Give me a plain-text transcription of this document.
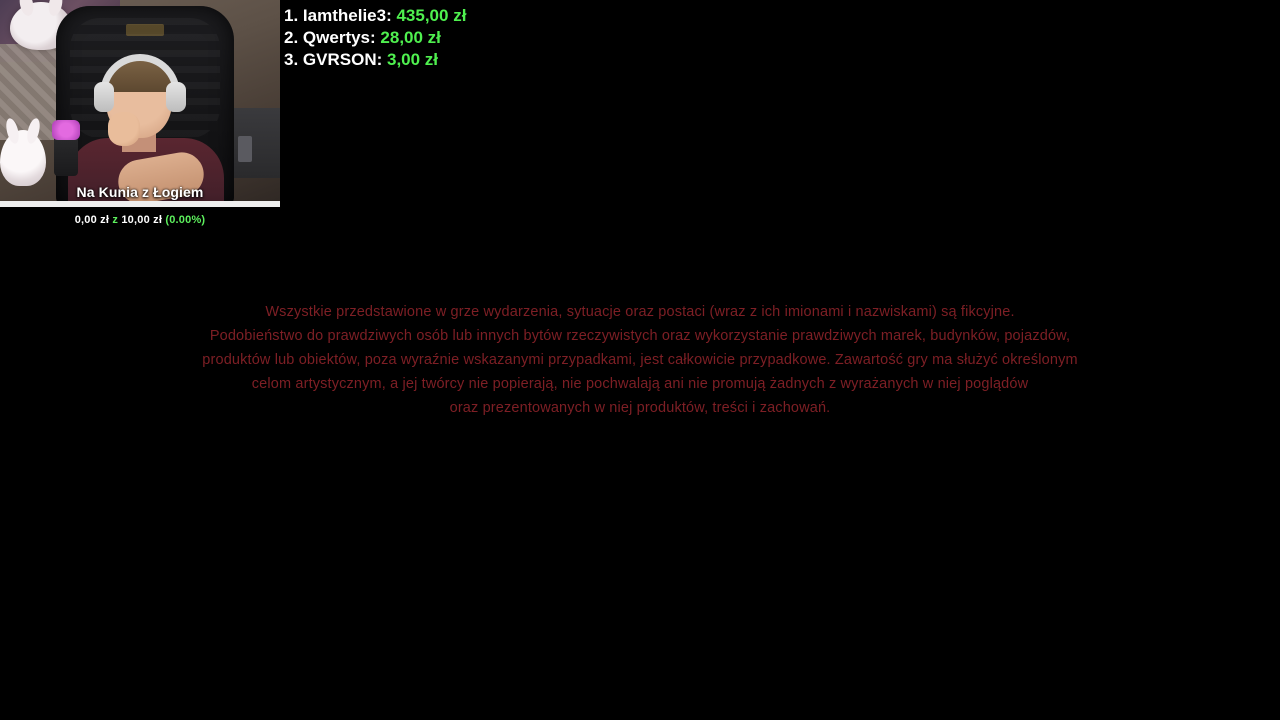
Na Kunia z Łogiem
0,00 zł z 10,00 zł (0.00%)
1. Iamthelie3: 435,00 zł
2. Qwertys: 28,00 zł
3. GVRSON: 3,00 zł
Wszystkie przedstawione w grze wydarzenia, sytuacje oraz postaci (wraz z ich imionami i nazwiskami) są fikcyjne.
Podobieństwo do prawdziwych osób lub innych bytów rzeczywistych oraz wykorzystanie prawdziwych marek, budynków, pojazdów,
produktów lub obiektów, poza wyraźnie wskazanymi przypadkami, jest całkowicie przypadkowe. Zawartość gry ma służyć określonym
celom artystycznym, a jej twórcy nie popierają, nie pochwalają ani nie promują żadnych z wyrażanych w niej poglądów
oraz prezentowanych w niej produktów, treści i zachowań.
